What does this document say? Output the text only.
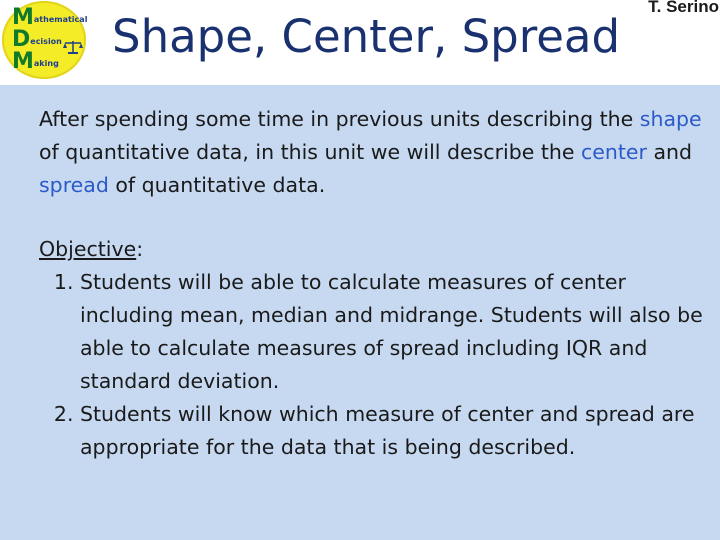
Mathematical
Decision
Making
Shape, Center, Spread
T. Serino

After spending some time in previous units describing the shape of quantitative data, in this unit we will describe the center and spread of quantitative data.

Objective:

1. Students will be able to calculate measures of center including mean, median and midrange. Students will also be able to calculate measures of spread including IQR and standard deviation.
2. Students will know which measure of center and spread are appropriate for the data that is being described.
